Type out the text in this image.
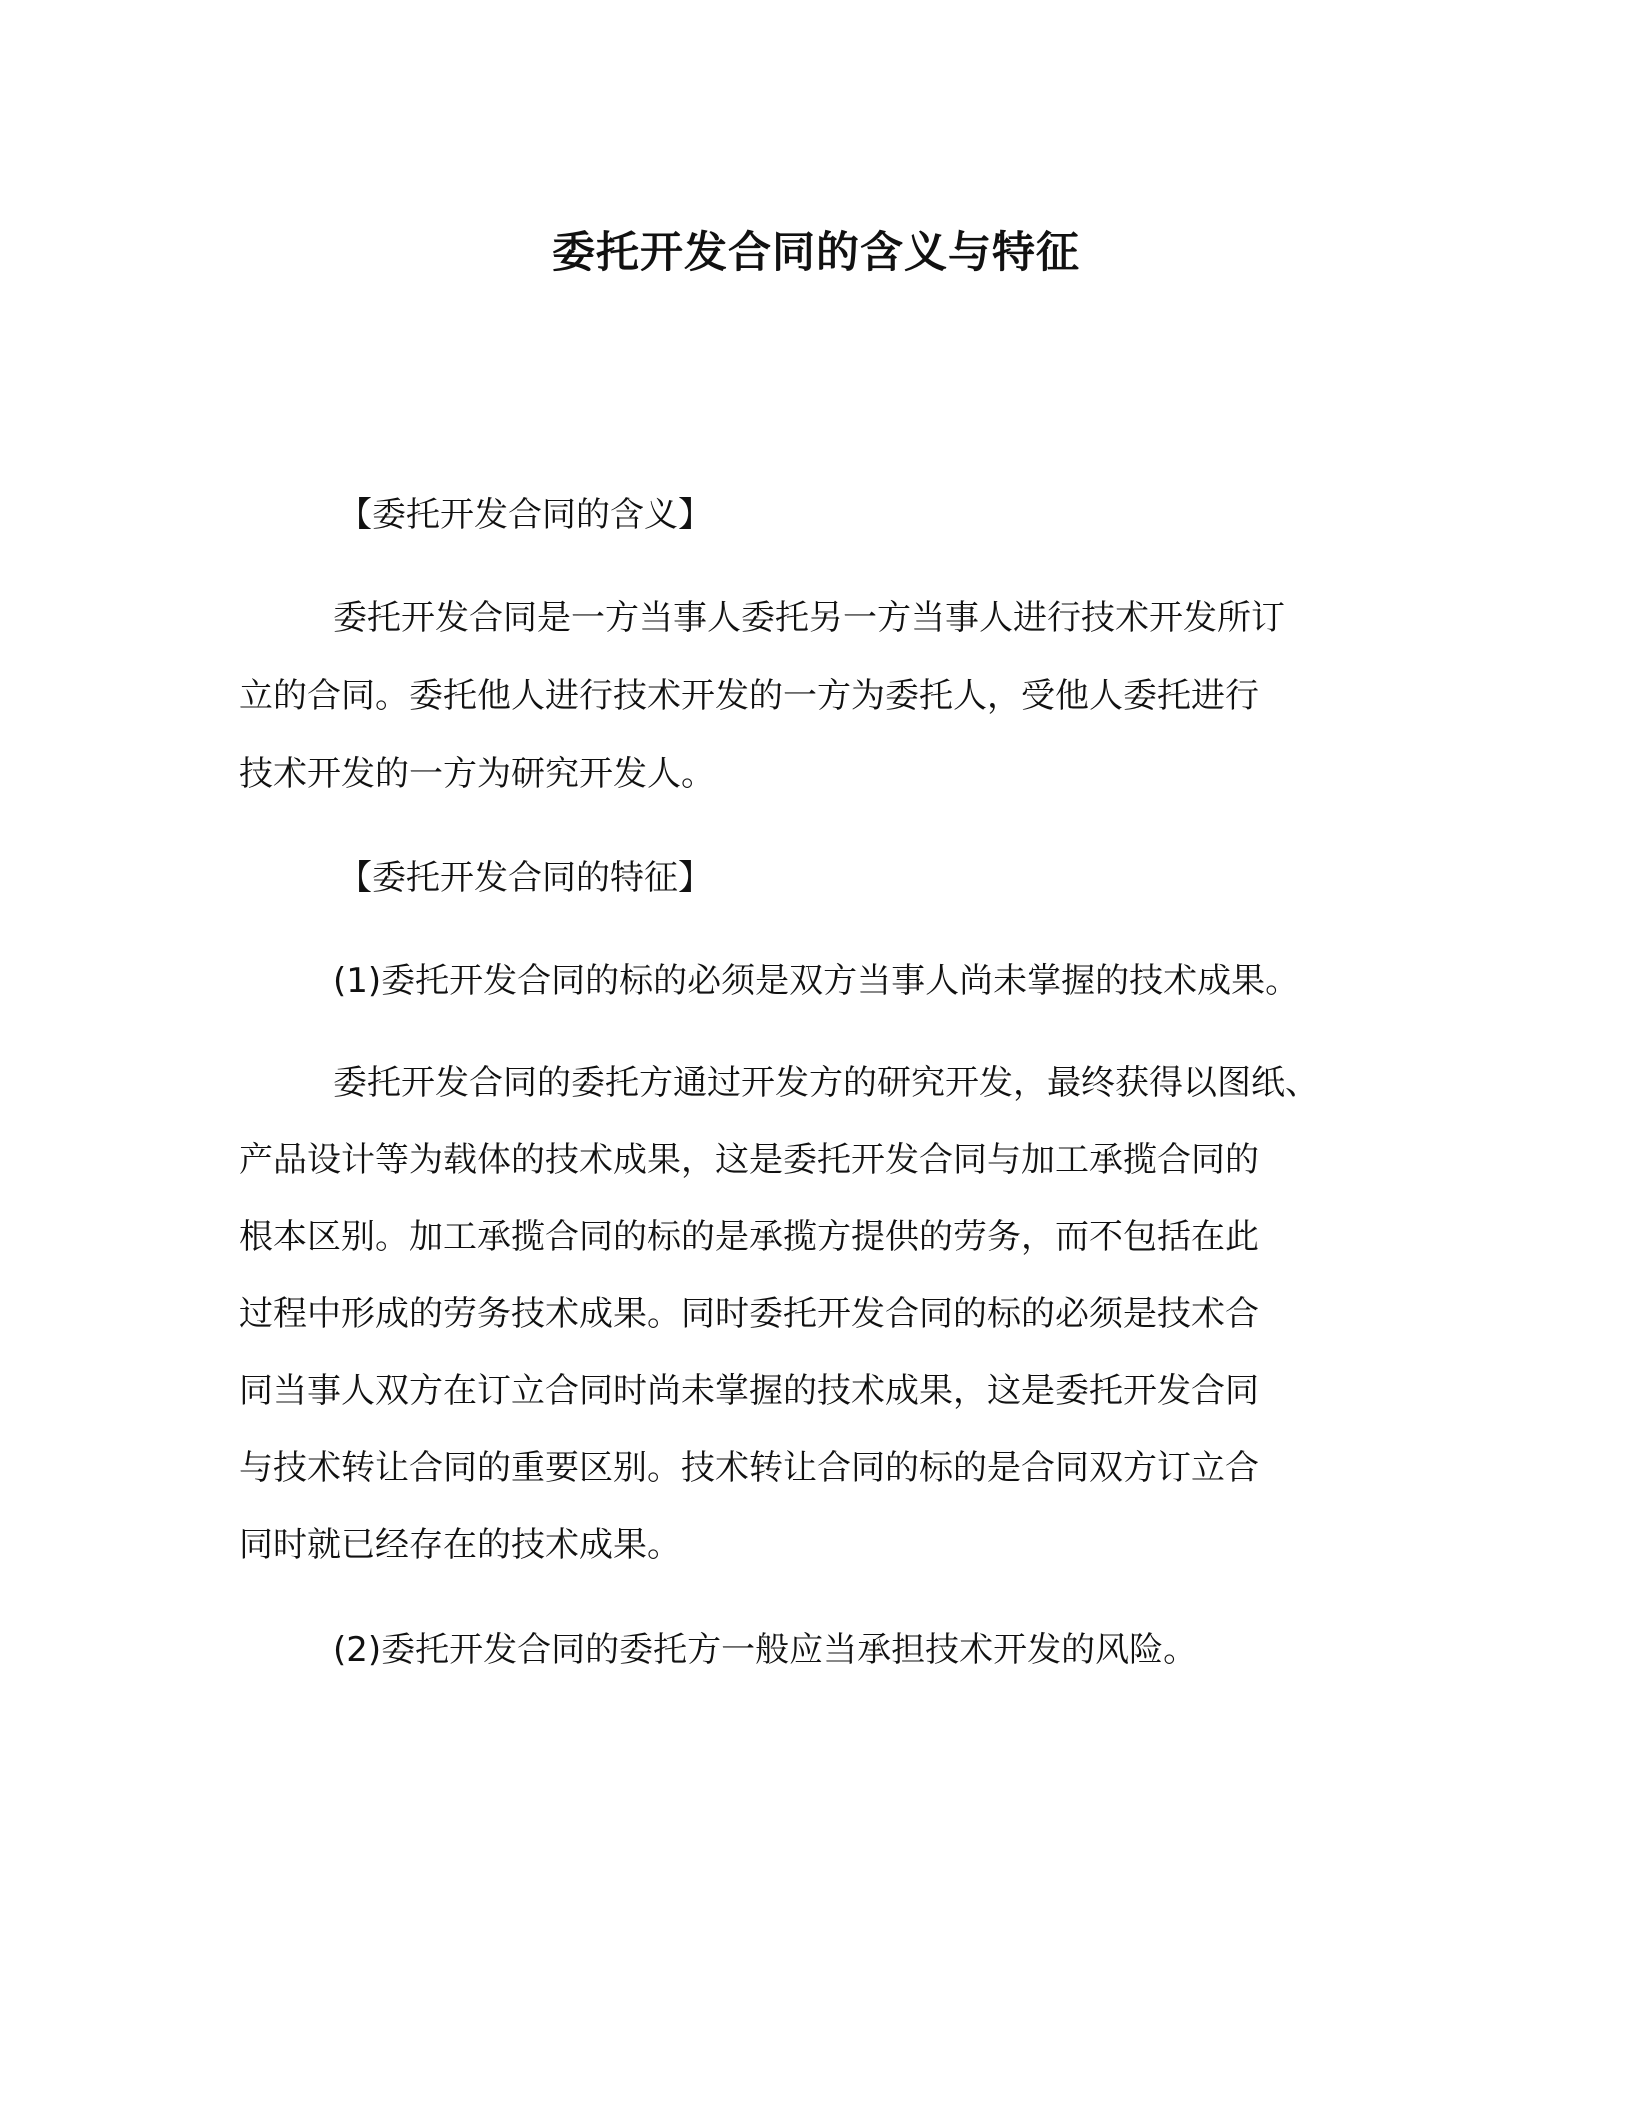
委托开发合同的含义与特征

【委托开发合同的含义】

委托开发合同是一方当事人委托另一方当事人进行技术开发所订

立的合同。委托他人进行技术开发的一方为委托人，受他人委托进行

技术开发的一方为研究开发人。

【委托开发合同的特征】

(1)委托开发合同的标的必须是双方当事人尚未掌握的技术成果。

委托开发合同的委托方通过开发方的研究开发，最终获得以图纸、

产品设计等为载体的技术成果，这是委托开发合同与加工承揽合同的

根本区别。加工承揽合同的标的是承揽方提供的劳务，而不包括在此

过程中形成的劳务技术成果。同时委托开发合同的标的必须是技术合

同当事人双方在订立合同时尚未掌握的技术成果，这是委托开发合同

与技术转让合同的重要区别。技术转让合同的标的是合同双方订立合

同时就已经存在的技术成果。

(2)委托开发合同的委托方一般应当承担技术开发的风险。
